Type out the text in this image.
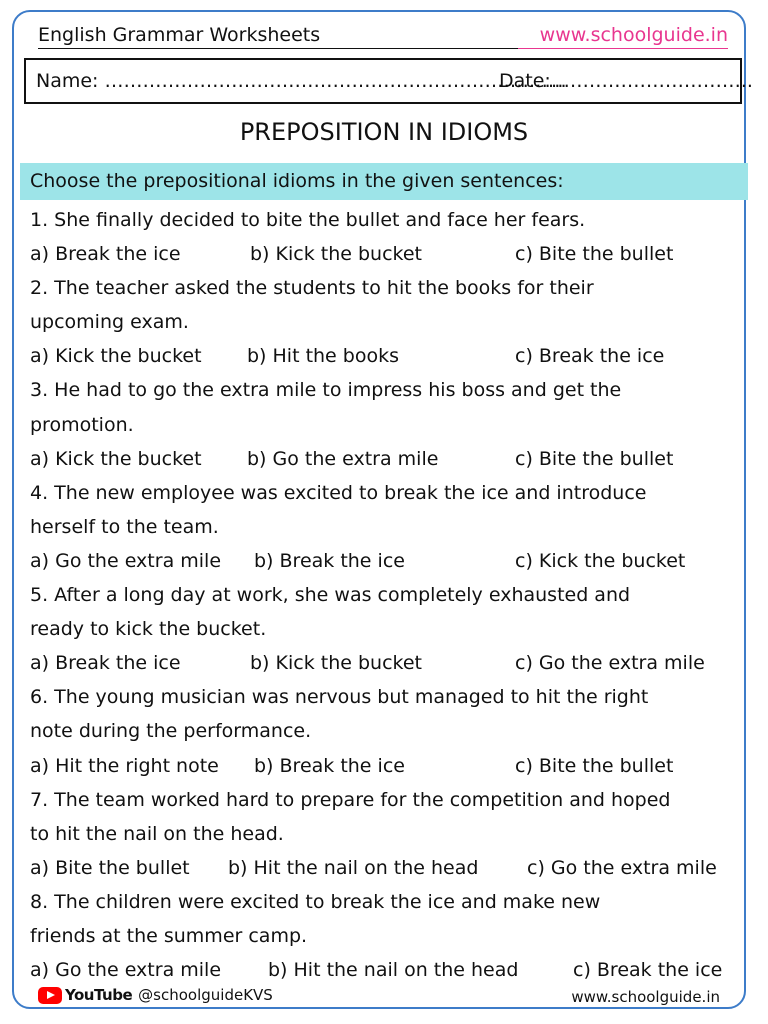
English Grammar Worksheets	www.schoolguide.in
Name: ……………………………………………………………….
Date:…………………………..
PREPOSITION IN IDIOMS
Choose the prepositional idioms in the given sentences:
1. She finally decided to bite the bullet and face her fears.
a) Break the ice	b) Kick the bucket	c) Bite the bullet
2. The teacher asked the students to hit the books for their
upcoming exam.
a) Kick the bucket b) Hit the books	c) Break the ice
3. He had to go the extra mile to impress his boss and get the
promotion.
a) Kick the bucket b) Go the extra mile	c) Bite the bullet
4. The new employee was excited to break the ice and introduce
herself to the team.
a) Go the extra mile b) Break the ice	c) Kick the bucket
5. After a long day at work, she was completely exhausted and
ready to kick the bucket.
a) Break the ice	b) Kick the bucket	c) Go the extra mile
6. The young musician was nervous but managed to hit the right
note during the performance.
a) Hit the right note b) Break the ice	c) Bite the bullet
7. The team worked hard to prepare for the competition and hoped
to hit the nail on the head.
a) Bite the bullet b) Hit the nail on the head	c) Go the extra mile
8. The children were excited to break the ice and make new
friends at the summer camp.
a) Go the extra mile b) Hit the nail on the head	c) Break the ice
YouTube @schoolguideKVS	www.schoolguide.in
